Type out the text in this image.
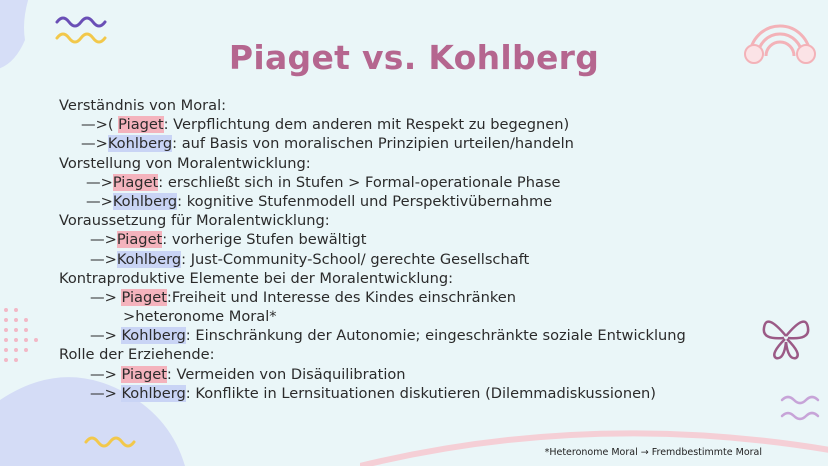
Piaget vs. Kohlberg
Verständnis von Moral:
—>( Piaget: Verpflichtung dem anderen mit Respekt zu begegnen)
—>Kohlberg: auf Basis von moralischen Prinzipien urteilen/handeln
Vorstellung von Moralentwicklung:
—>Piaget: erschließt sich in Stufen > Formal-operationale Phase
—>Kohlberg: kognitive Stufenmodell und Perspektivübernahme
Voraussetzung für Moralentwicklung:
—>Piaget: vorherige Stufen bewältigt
—>Kohlberg: Just-Community-School/ gerechte Gesellschaft
Kontraproduktive Elemente bei der Moralentwicklung:
—> Piaget:Freiheit und Interesse des Kindes einschränken
>heteronome Moral*
—> Kohlberg: Einschränkung der Autonomie; eingeschränkte soziale Entwicklung
Rolle der Erziehende:
—> Piaget: Vermeiden von Disäquilibration
—> Kohlberg: Konflikte in Lernsituationen diskutieren (Dilemmadiskussionen)
*Heteronome Moral → Fremdbestimmte Moral
